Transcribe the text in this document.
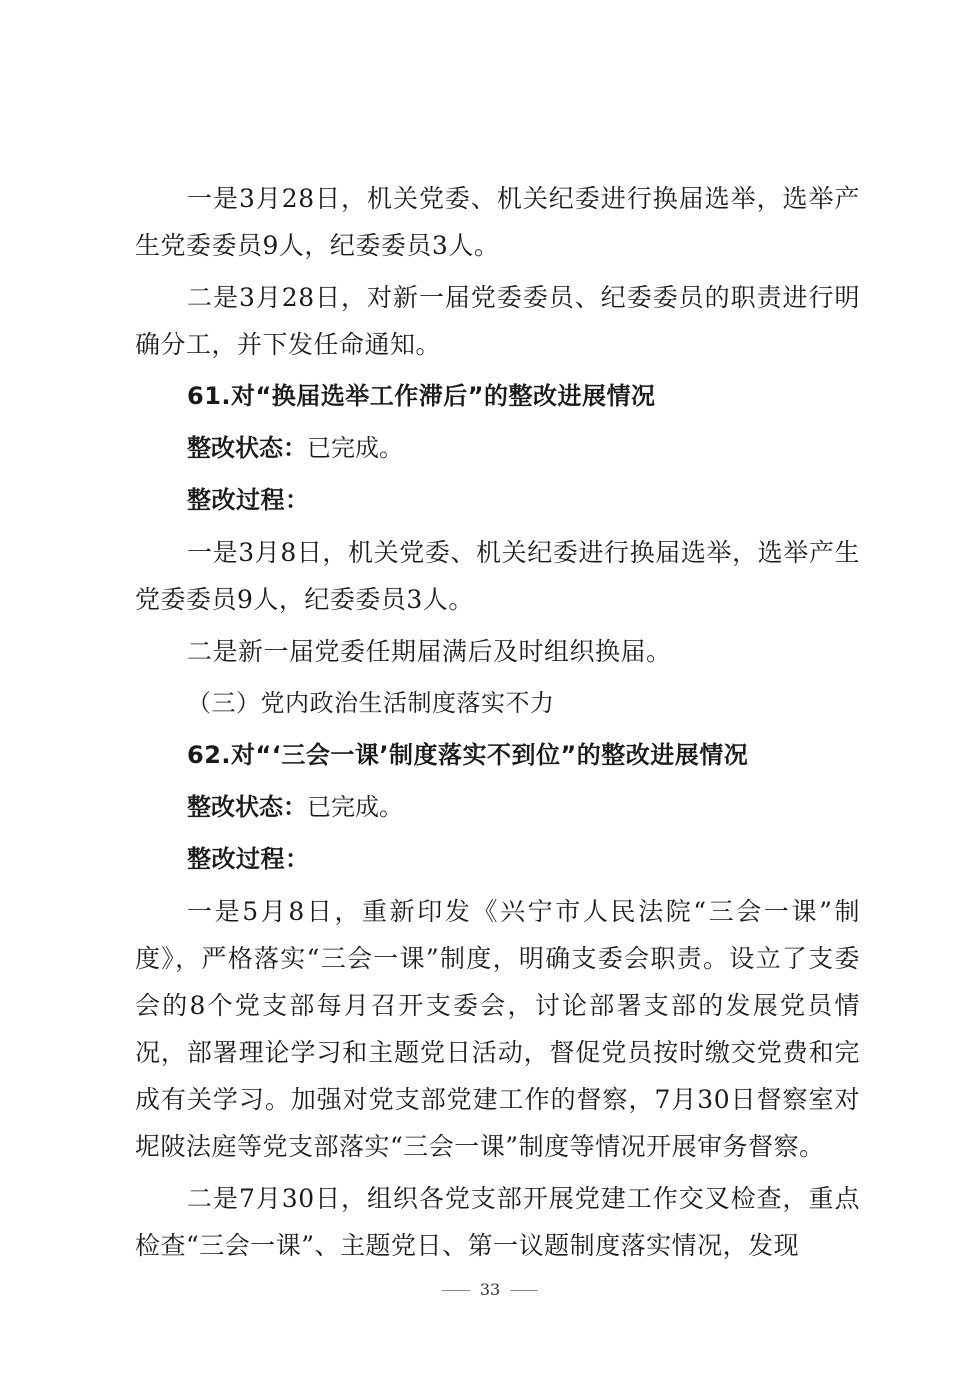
一是3月28日，机关党委、机关纪委进行换届选举，选举产生党委委员9人，纪委委员3人。

二是3月28日，对新一届党委委员、纪委委员的职责进行明确分工，并下发任命通知。

61.对“换届选举工作滞后”的整改进展情况

整改状态：已完成。

整改过程：

一是3月8日，机关党委、机关纪委进行换届选举，选举产生党委委员9人，纪委委员3人。

二是新一届党委任期届满后及时组织换届。

（三）党内政治生活制度落实不力

62.对“‘三会一课’制度落实不到位”的整改进展情况

整改状态：已完成。

整改过程：

一是5月8日，重新印发《兴宁市人民法院“三会一课”制度》，严格落实“三会一课”制度，明确支委会职责。设立了支委会的8个党支部每月召开支委会，讨论部署支部的发展党员情况，部署理论学习和主题党日活动，督促党员按时缴交党费和完成有关学习。加强对党支部党建工作的督察，7月30日督察室对坭陂法庭等党支部落实“三会一课”制度等情况开展审务督察。

二是7月30日，组织各党支部开展党建工作交叉检查，重点检查“三会一课”、主题党日、第一议题制度落实情况，发现

33
